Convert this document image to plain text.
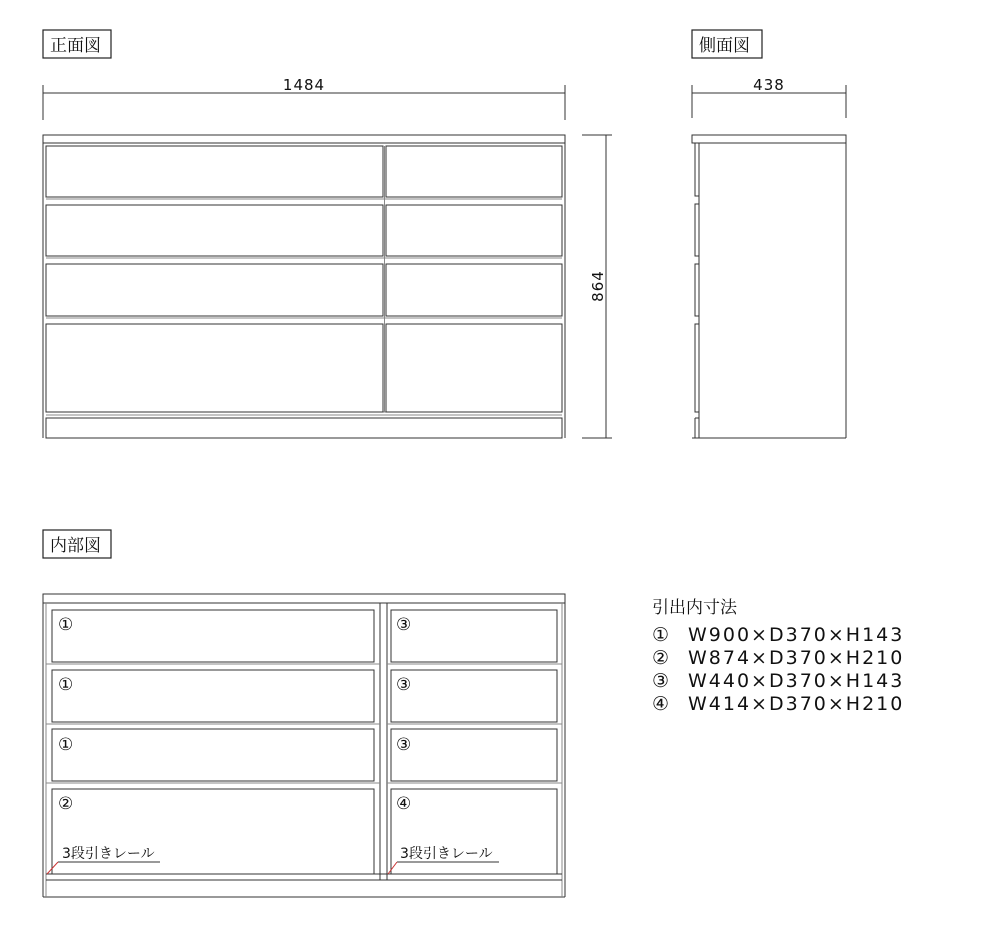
正面図
1484
864
側面図
438
内部図
①
①
①
②
③
③
③
④
3段引きレール	3段引きレール
引出内寸法
① W900×D370×H143
② W874×D370×H210
③ W440×D370×H143
④ W414×D370×H210
